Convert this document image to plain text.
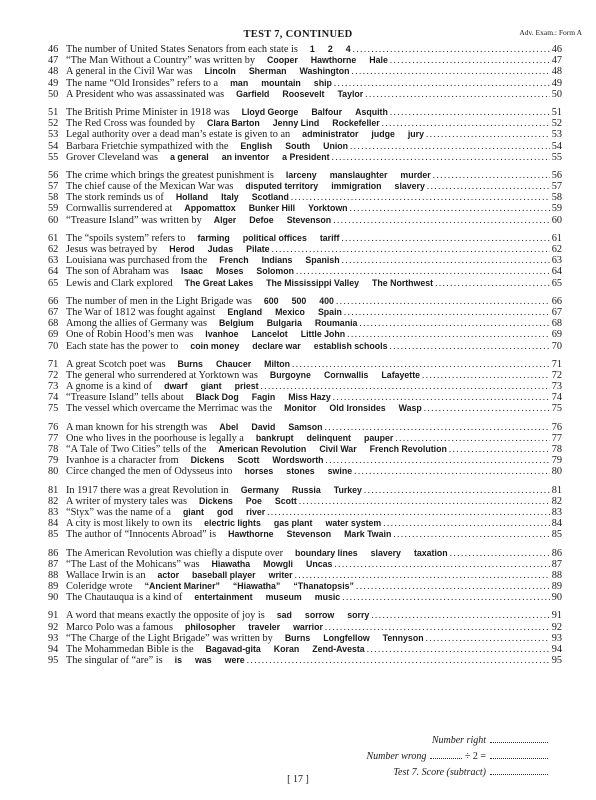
Adv. Exam.: Form A
TEST 7, CONTINUED
46 The number of United States Senators from each state is 1 2 4 .....	46
47 “The Man Without a Country” was written by Cooper Hawthorne Hale .....	47
48 A general in the Civil War was Lincoln Sherman Washington .....	48
49 The name “Old Ironsides” refers to a man mountain ship .....	49
50 A President who was assassinated was Garfield Roosevelt Taylor .....	50
51 The British Prime Minister in 1918 was Lloyd George Balfour Asquith .....	51
52 The Red Cross was founded by Clara Barton Jenny Lind Rockefeller .....	52
53 Legal authority over a dead man’s estate is given to an administrator judge jury .....	53
54 Barbara Frietchie sympathized with the English South Union .....	54
55 Grover Cleveland was a general an inventor a President .....	55
56 The crime which brings the greatest punishment is larceny manslaughter murder .....	56
57 The chief cause of the Mexican War was disputed territory immigration slavery .....	57
58 The stork reminds us of Holland Italy Scotland .....	58
59 Cornwallis surrendered at Appomattox Bunker Hill Yorktown .....	59
60 “Treasure Island” was written by Alger Defoe Stevenson .....	60
61 The “spoils system” refers to farming political offices tariff .....	61
62 Jesus was betrayed by Herod Judas Pilate .....	62
63 Louisiana was purchased from the French Indians Spanish .....	63
64 The son of Abraham was Isaac Moses Solomon .....	64
65 Lewis and Clark explored The Great Lakes The Mississippi Valley The Northwest .....	65
66 The number of men in the Light Brigade was 600 500 400 .....	66
67 The War of 1812 was fought against England Mexico Spain .....	67
68 Among the allies of Germany was Belgium Bulgaria Roumania .....	68
69 One of Robin Hood’s men was Ivanhoe Lancelot Little John .....	69
70 Each state has the power to coin money declare war establish schools .....	70
71 A great Scotch poet was Burns Chaucer Milton .....	71
72 The general who surrendered at Yorktown was Burgoyne Cornwallis Lafayette .....	72
73 A gnome is a kind of dwarf giant priest .....	73
74 “Treasure Island” tells about Black Dog Fagin Miss Hazy .....	74
75 The vessel which overcame the Merrimac was the Monitor Old Ironsides Wasp .....	75
76 A man known for his strength was Abel David Samson .....	76
77 One who lives in the poorhouse is legally a bankrupt delinquent pauper .....	77
78 “A Tale of Two Cities” tells of the American Revolution Civil War French Revolution .....	78
79 Ivanhoe is a character from Dickens Scott Wordsworth .....	79
80 Circe changed the men of Odysseus into horses stones swine .....	80
81 In 1917 there was a great Revolution in Germany Russia Turkey .....	81
82 A writer of mystery tales was Dickens Poe Scott .....	82
83 “Styx” was the name of a giant god river .....	83
84 A city is most likely to own its electric lights gas plant water system .....	84
85 The author of “Innocents Abroad” is Hawthorne Stevenson Mark Twain .....	85
86 The American Revolution was chiefly a dispute over boundary lines slavery taxation .....	86
87 “The Last of the Mohicans” was Hiawatha Mowgli Uncas .....	87
88 Wallace Irwin is an actor baseball player writer .....	88
89 Coleridge wrote “Ancient Mariner” “Hiawatha” “Thanatopsis” .....	89
90 The Chautauqua is a kind of entertainment museum music .....	90
91 A word that means exactly the opposite of joy is sad sorrow sorry .....	91
92 Marco Polo was a famous philosopher traveler warrior .....	92
93 “The Charge of the Light Brigade” was written by Burns Longfellow Tennyson .....	93
94 The Mohammedan Bible is the Bagavad-gita Koran Zend-Avesta .....	94
95 The singular of “are” is is was were .....	95
Number right
Number wrong	÷ 2 =
Test 7. Score (subtract)
[ 17 ]
